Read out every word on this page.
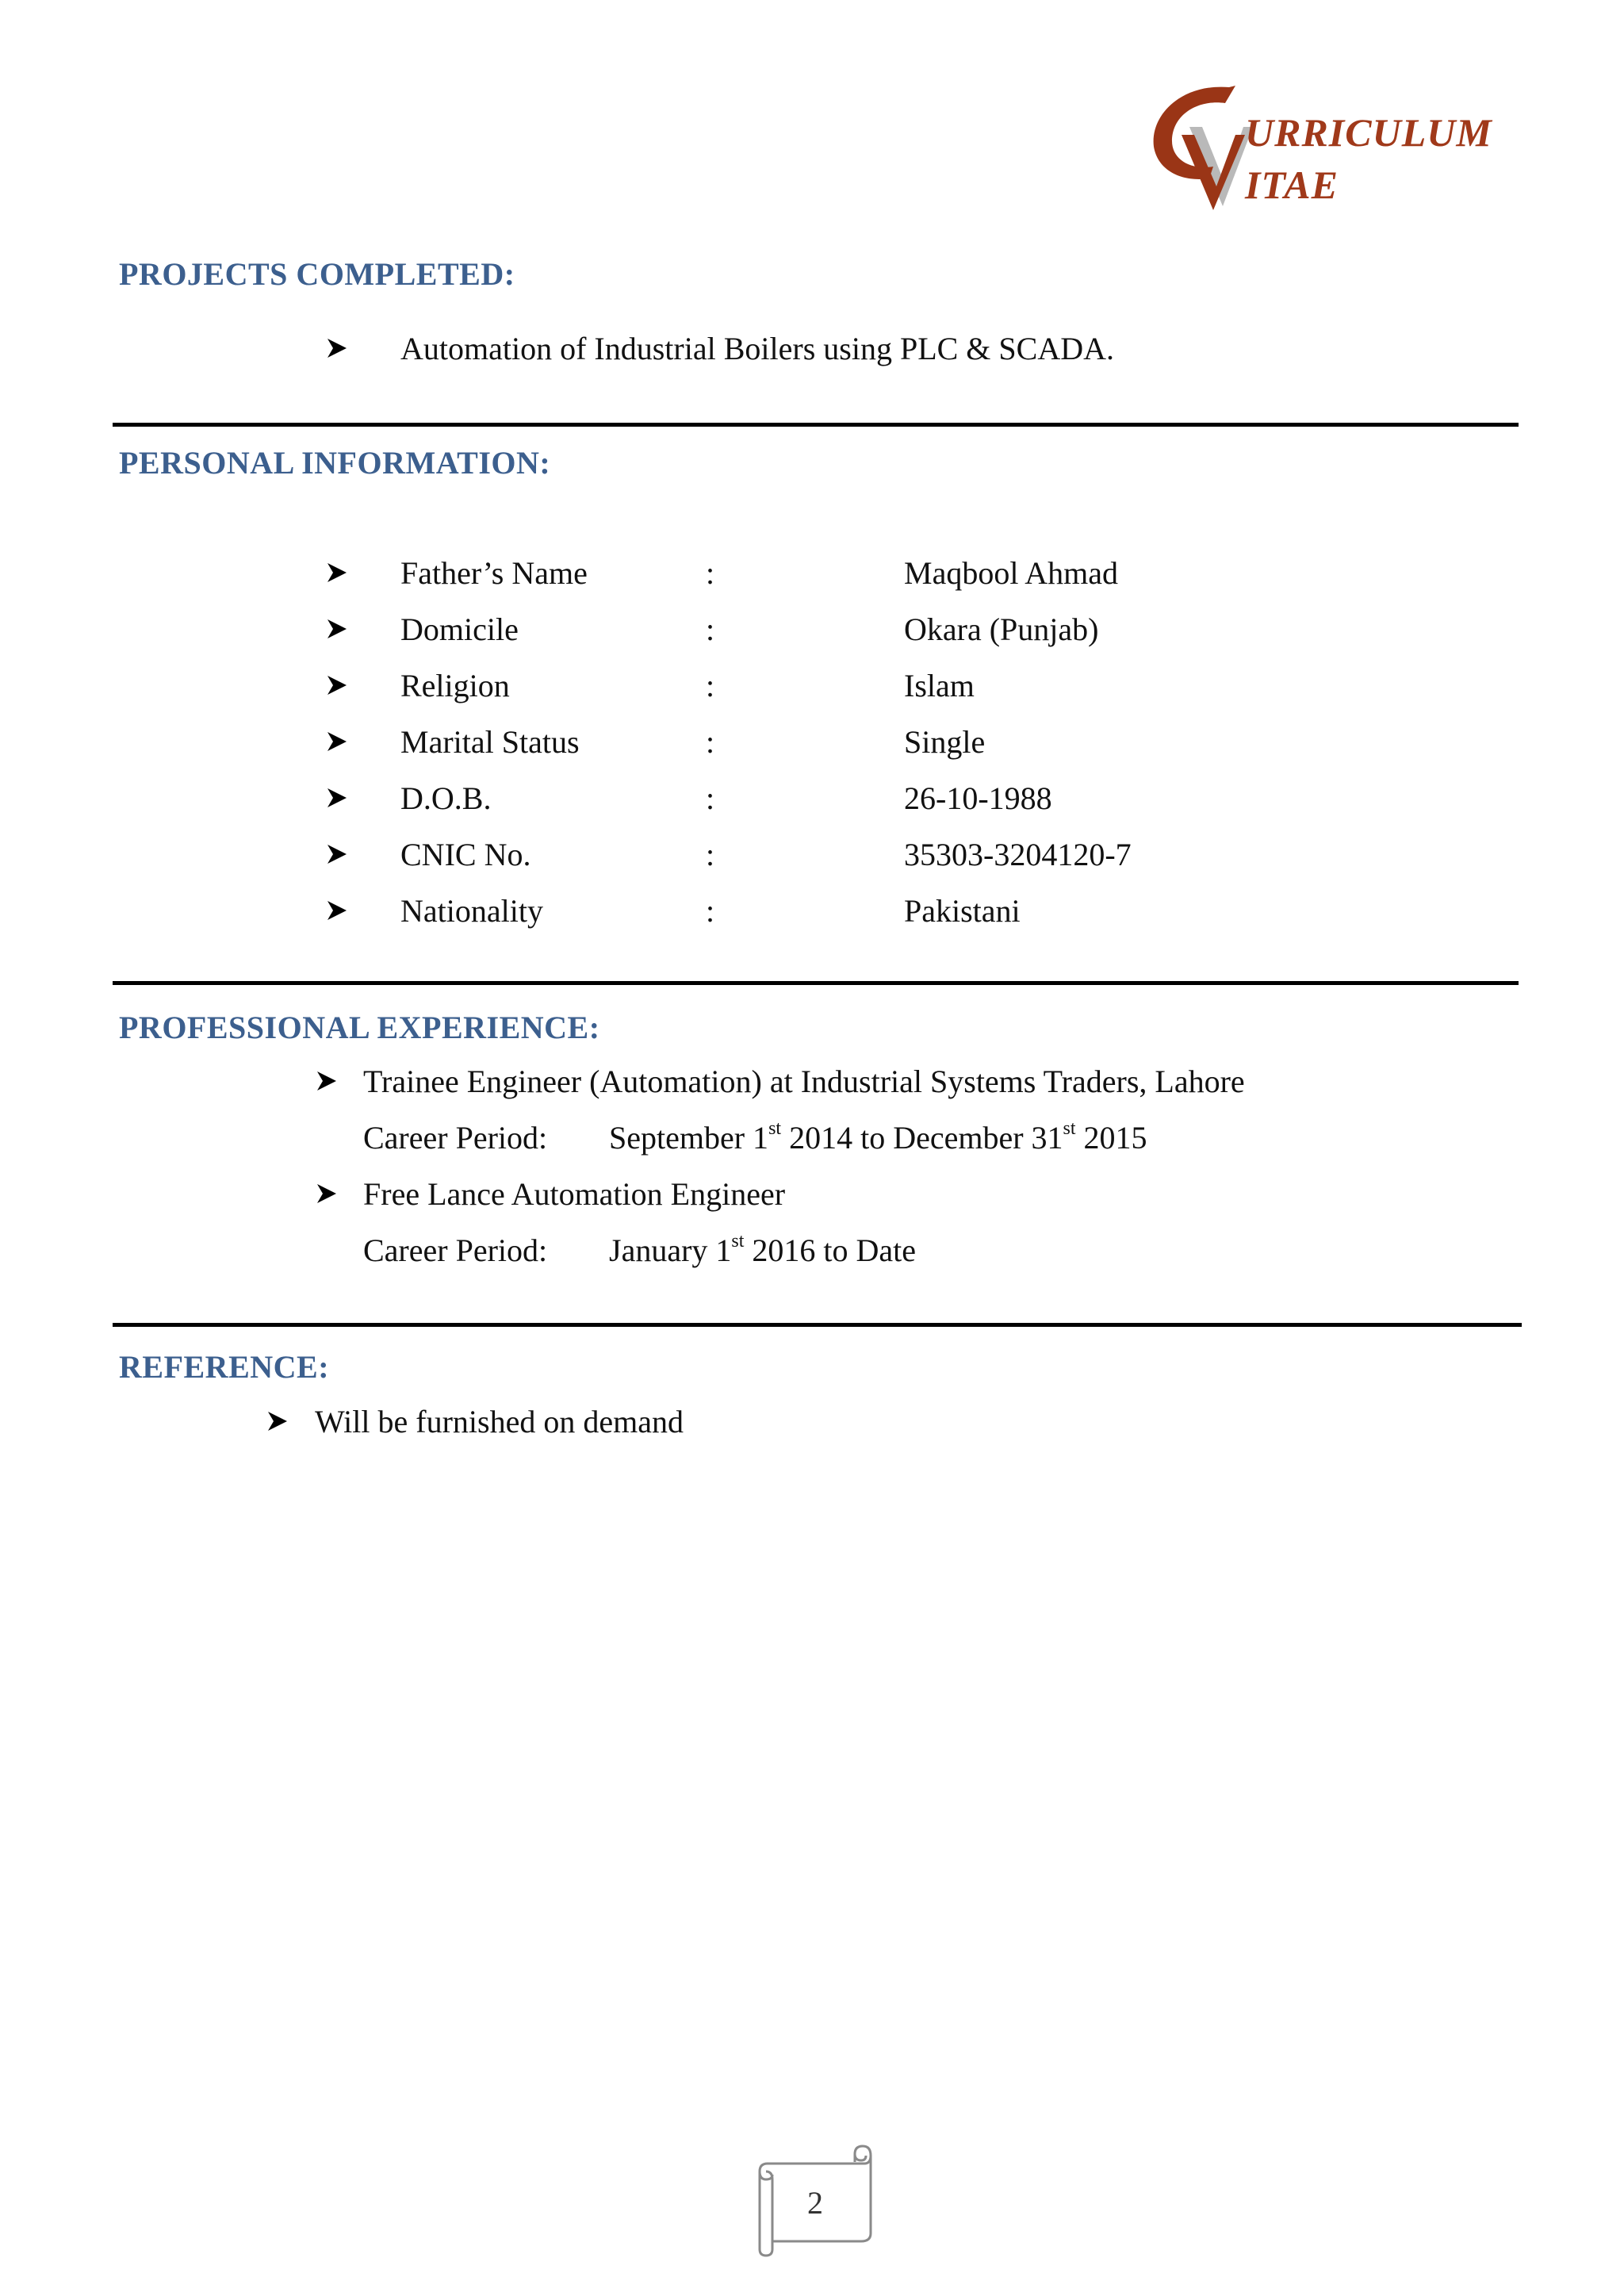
URRICULUM
ITAE
PROJECTS COMPLETED:
Automation of Industrial Boilers using PLC & SCADA.
PERSONAL INFORMATION:
Father’s Name	:	Maqbool Ahmad
Domicile	:	Okara (Punjab)
Religion	:	Islam
Marital Status	:	Single
D.O.B.	:	26-10-1988
CNIC No.	:	35303-3204120-7
Nationality	:	Pakistani
PROFESSIONAL EXPERIENCE:
Trainee Engineer (Automation) at Industrial Systems Traders, Lahore
Career Period: September 1st 2014 to December 31st 2015
Free Lance Automation Engineer
Career Period: January 1st 2016 to Date
REFERENCE:
Will be furnished on demand
2
